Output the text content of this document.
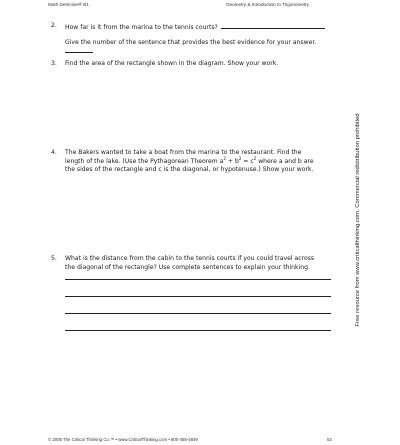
Math Detective® B1	Geometry & Introduction to Trigonometry
2. How far is it from the marina to the tennis courts?
Give the number of the sentence that provides the best evidence for your answer.
3. Find the area of the rectangle shown in the diagram. Show your work.
4. The Bakers wanted to take a boat from the marina to the restaurant. Find the
length of the lake. (Use the Pythagorean Theorem $a^2 + b^2 = c^2$ where a and b are
the sides of the rectangle and c is the diagonal, or hypotenuse.) Show your work.
5. What is the distance from the cabin to the tennis courts if you could travel across
the diagonal of the rectangle? Use complete sentences to explain your thinking.	Free resource from www.criticalthinking.com. Commercial redistribution prohibited
© 2005 The Critical Thinking Co.™ • www.CriticalThinking.com • 800-458-4849	53
